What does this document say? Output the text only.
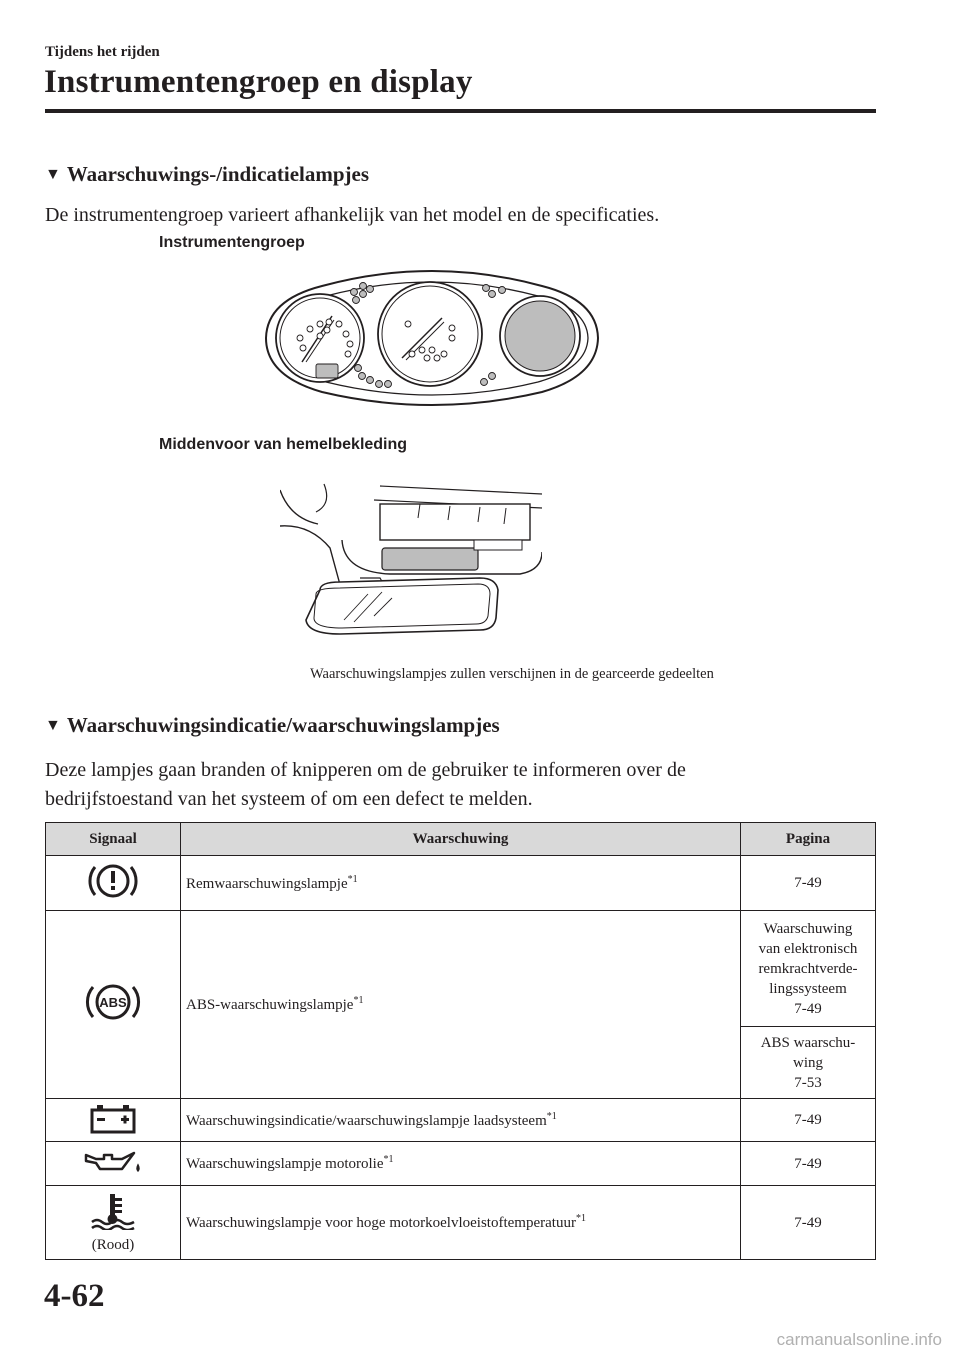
Tijdens het rijden
Instrumentengroep en display
▼ Waarschuwings-/indicatielampjes
De instrumentengroep varieert afhankelijk van het model en de specificaties.
Instrumentengroep
Middenvoor van hemelbekleding
Waarschuwingslampjes zullen verschijnen in de gearceerde gedeelten
▼ Waarschuwingsindicatie/waarschuwingslampjes
Deze lampjes gaan branden of knipperen om de gebruiker te informeren over de
bedrijfstoestand van het systeem of om een defect te melden.
Signaal	Waarschuwing	Pagina
	Remwaarschuwingslampje$^{*1}$	7-49

ABS	ABS-waarschuwingslampje$^{*1}$	Waarschuwing
van elektronisch
remkrachtverde-
lingssysteem
7-49

		ABS waarschu-
wing
7-53

	Waarschuwingsindicatie/waarschuwingslampje laadsysteem$^{*1}$	7-49
	Waarschuwingslampje motorolie$^{*1}$	7-49

(Rood)	Waarschuwingslampje voor hoge motorkoelvloeistoftemperatuur$^{*1}$	7-49
4-62
carmanualsonline.info
